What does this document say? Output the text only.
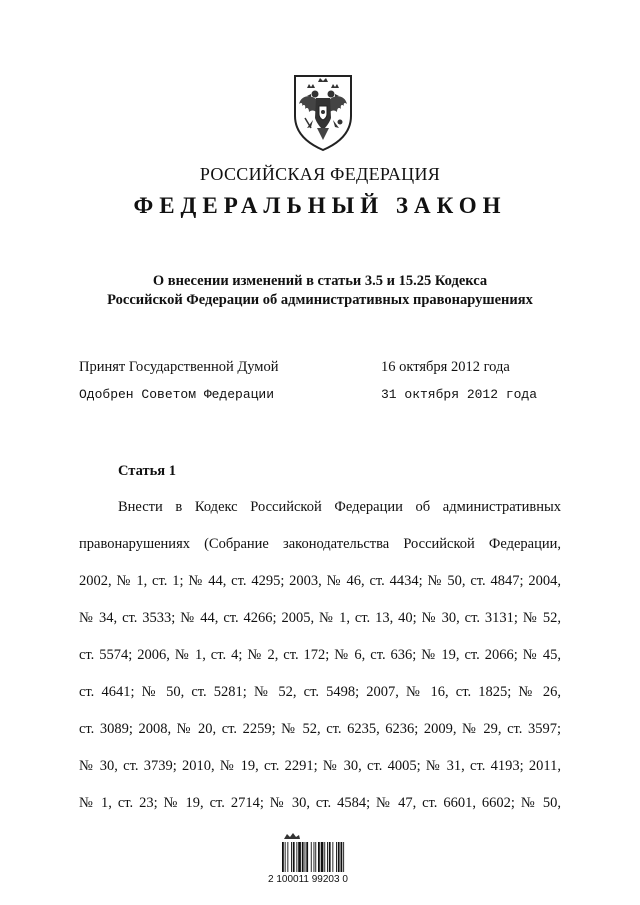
РОССИЙСКАЯ ФЕДЕРАЦИЯ
ФЕДЕРАЛЬНЫЙ ЗАКОН
О внесении изменений в статьи 3.5 и 15.25 Кодекса
Российской Федерации об административных правонарушениях
Принят Государственной Думой	16 октября 2012 года
Одобрен Советом Федерации	31 октября 2012 года
Статья 1
Внести в Кодекс Российской Федерации об административных
правонарушениях (Собрание законодательства Российской Федерации,
2002, № 1, ст. 1; № 44, ст. 4295; 2003, № 46, ст. 4434; № 50, ст. 4847; 2004,
№ 34, ст. 3533; № 44, ст. 4266; 2005, № 1, ст. 13, 40; № 30, ст. 3131; № 52,
ст. 5574; 2006, № 1, ст. 4; № 2, ст. 172; № 6, ст. 636; № 19, ст. 2066; № 45,
ст. 4641; № 50, ст. 5281; № 52, ст. 5498; 2007, № 16, ст. 1825; № 26,
ст. 3089; 2008, № 20, ст. 2259; № 52, ст. 6235, 6236; 2009, № 29, ст. 3597;
№ 30, ст. 3739; 2010, № 19, ст. 2291; № 30, ст. 4005; № 31, ст. 4193; 2011,
№ 1, ст. 23; № 19, ст. 2714; № 30, ст. 4584; № 47, ст. 6601, 6602; № 50,
2 100011 99203 0
